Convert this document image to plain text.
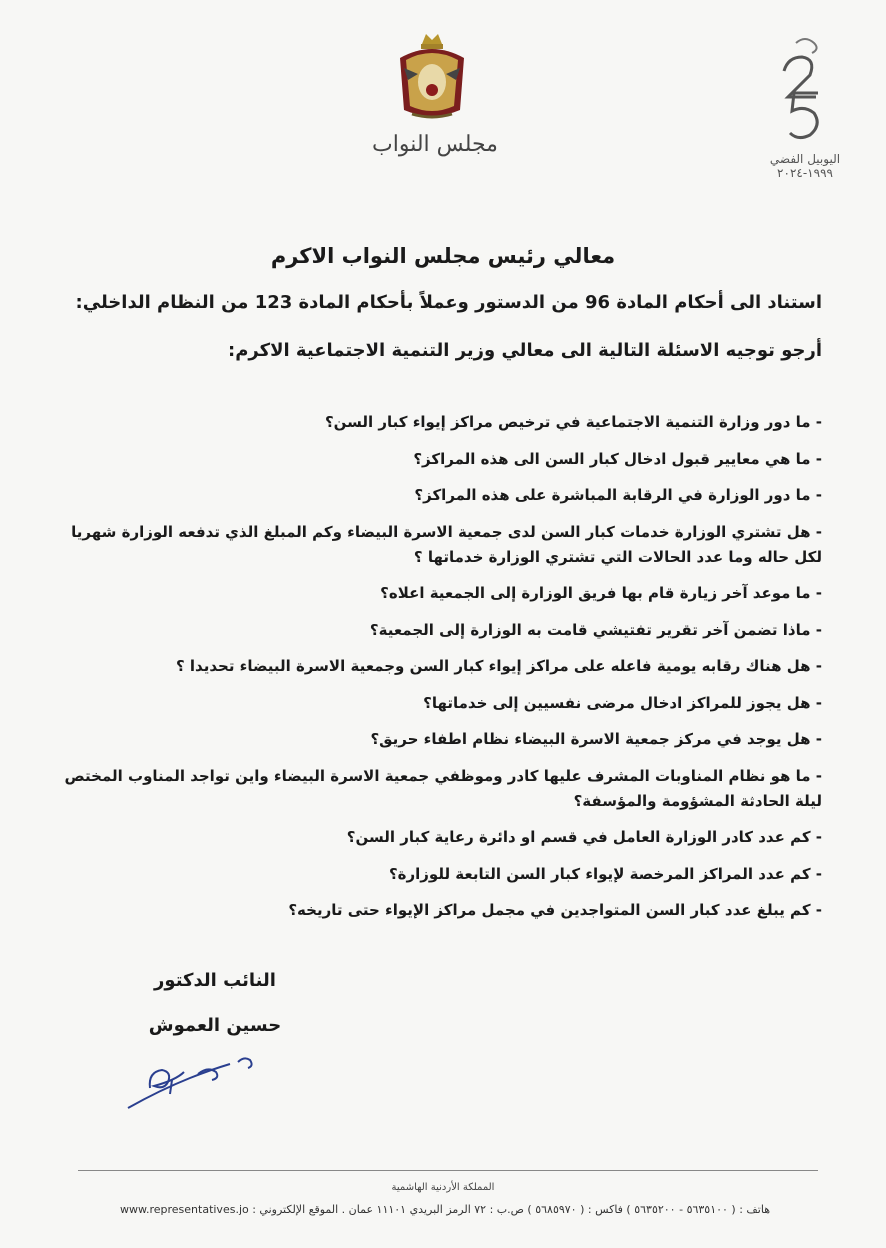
مجلس النواب
اليوبيل الفضي
١٩٩٩-٢٠٢٤
معالي رئيس مجلس النواب الاكرم
استناد الى أحكام المادة 96 من الدستور وعملاً بأحكام المادة 123 من النظام الداخلي:
أرجو توجيه الاسئلة التالية الى معالي وزير التنمية الاجتماعية الاكرم:
- ما دور وزارة التنمية الاجتماعية في ترخيص مراكز إيواء كبار السن؟
- ما هي معايير قبول ادخال كبار السن الى هذه المراكز؟
- ما دور الوزارة في الرقابة المباشرة على هذه المراكز؟
- هل تشتري الوزارة خدمات كبار السن لدى جمعية الاسرة البيضاء وكم المبلغ الذي تدفعه الوزارة شهريا لكل حاله وما عدد الحالات التي تشتري الوزارة خدماتها ؟
- ما موعد آخر زيارة قام بها فريق الوزارة إلى الجمعية اعلاه؟
- ماذا تضمن آخر تقرير تفتيشي قامت به الوزارة إلى الجمعية؟
- هل هناك رقابه يومية فاعله على مراكز إيواء كبار السن وجمعية الاسرة البيضاء تحديدا ؟
- هل يجوز للمراكز ادخال مرضى نفسيين إلى خدماتها؟
- هل يوجد في مركز جمعية الاسرة البيضاء نظام اطفاء حريق؟
- ما هو نظام المناوبات المشرف عليها كادر وموظفي جمعية الاسرة البيضاء واين تواجد المناوب المختص ليلة الحادثة المشؤومة والمؤسفة؟
- كم عدد كادر الوزارة العامل في قسم او دائرة رعاية كبار السن؟
- كم عدد المراكز المرخصة لإيواء كبار السن التابعة للوزارة؟
- كم يبلغ عدد كبار السن المتواجدين في مجمل مراكز الإيواء حتى تاريخه؟
النائب الدكتور
حسين العموش
المملكة الأردنية الهاشمية
هاتف : ( ٥٦٣٥١٠٠ - ٥٦٣٥٢٠٠ ) فاكس : ( ٥٦٨٥٩٧٠ ) ص.ب : ٧٢ الرمز البريدي ١١١٠١ عمان . الموقع الإلكتروني : www.representatives.jo
